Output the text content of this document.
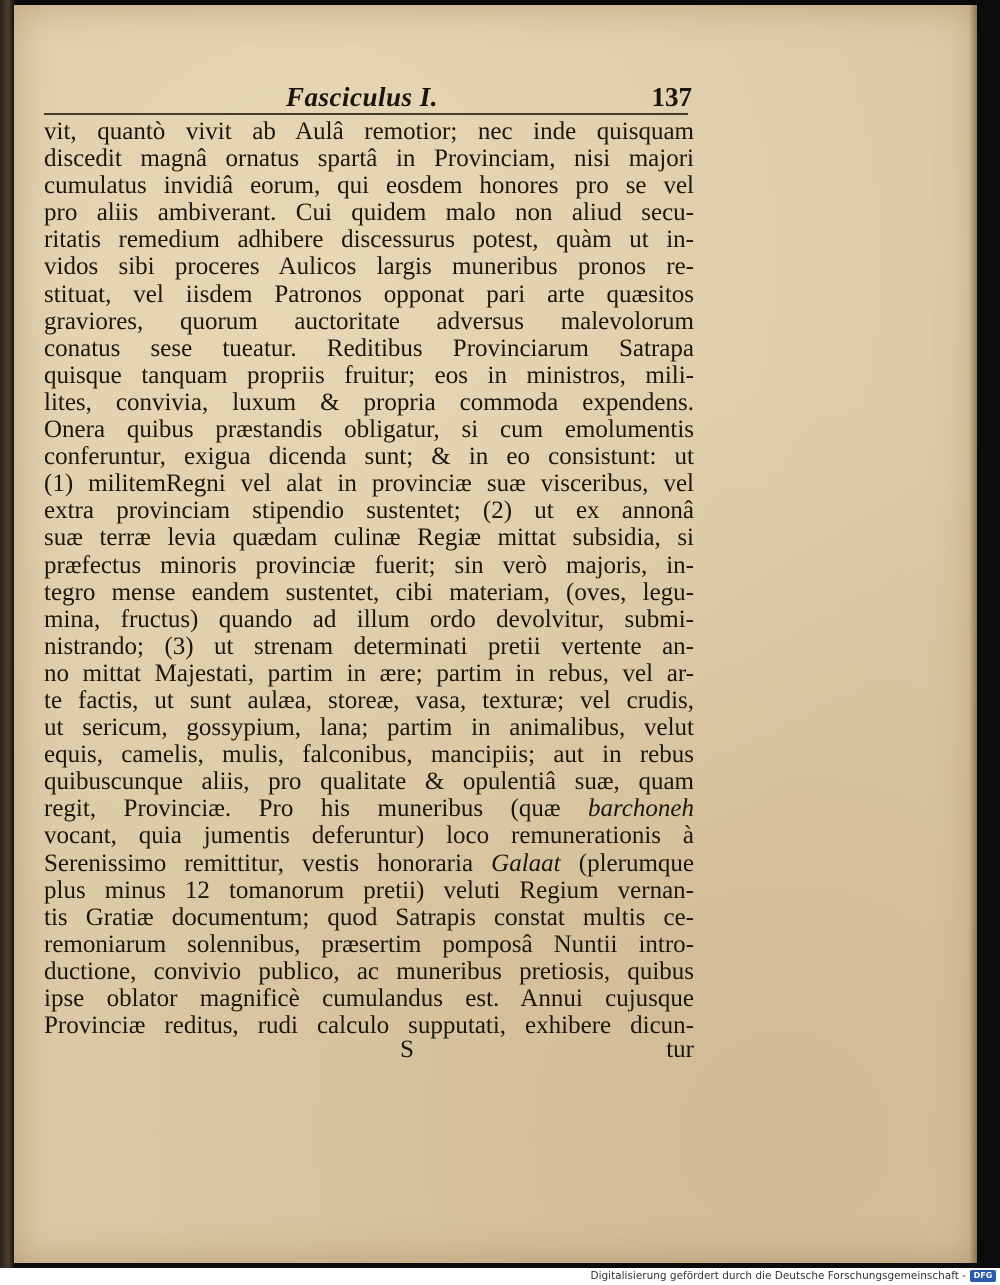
Fasciculus I.	137
vit, quantò vivit ab Aulâ remotior; nec inde quisquam
discedit magnâ ornatus spartâ in Provinciam, nisi majori
cumulatus invidiâ eorum, qui eosdem honores pro se vel
pro aliis ambiverant. Cui quidem malo non aliud secu-
ritatis remedium adhibere discessurus potest, quàm ut in-
vidos sibi proceres Aulicos largis muneribus pronos re-
stituat, vel iisdem Patronos opponat pari arte quæsitos
graviores, quorum auctoritate adversus malevolorum
conatus sese tueatur. Reditibus Provinciarum Satrapa
quisque tanquam propriis fruitur; eos in ministros, mili-
lites, convivia, luxum & propria commoda expendens.
Onera quibus præstandis obligatur, si cum emolumentis
conferuntur, exigua dicenda sunt; & in eo consistunt: ut
(1) militemRegni vel alat in provinciæ suæ visceribus, vel
extra provinciam stipendio sustentet; (2) ut ex annonâ
suæ terræ levia quædam culinæ Regiæ mittat subsidia, si
præfectus minoris provinciæ fuerit; sin verò majoris, in-
tegro mense eandem sustentet, cibi materiam, (oves, legu-
mina, fructus) quando ad illum ordo devolvitur, submi-
nistrando; (3) ut strenam determinati pretii vertente an-
no mittat Majestati, partim in ære; partim in rebus, vel ar-
te factis, ut sunt aulæa, storeæ, vasa, texturæ; vel crudis,
ut sericum, gossypium, lana; partim in animalibus, velut
equis, camelis, mulis, falconibus, mancipiis; aut in rebus
quibuscunque aliis, pro qualitate & opulentiâ suæ, quam
regit, Provinciæ. Pro his muneribus (quæ barchoneh
vocant, quia jumentis deferuntur) loco remunerationis à
Serenissimo remittitur, vestis honoraria Galaat (plerumque
plus minus 12 tomanorum pretii) veluti Regium vernan-
tis Gratiæ documentum; quod Satrapis constat multis ce-
remoniarum solennibus, præsertim pomposâ Nuntii intro-
ductione, convivio publico, ac muneribus pretiosis, quibus
ipse oblator magnificè cumulandus est. Annui cujusque
Provinciæ reditus, rudi calculo supputati, exhibere dicun-
S	tur
Digitalisierung gefördert durch die Deutsche Forschungsgemeinschaft - DFG
